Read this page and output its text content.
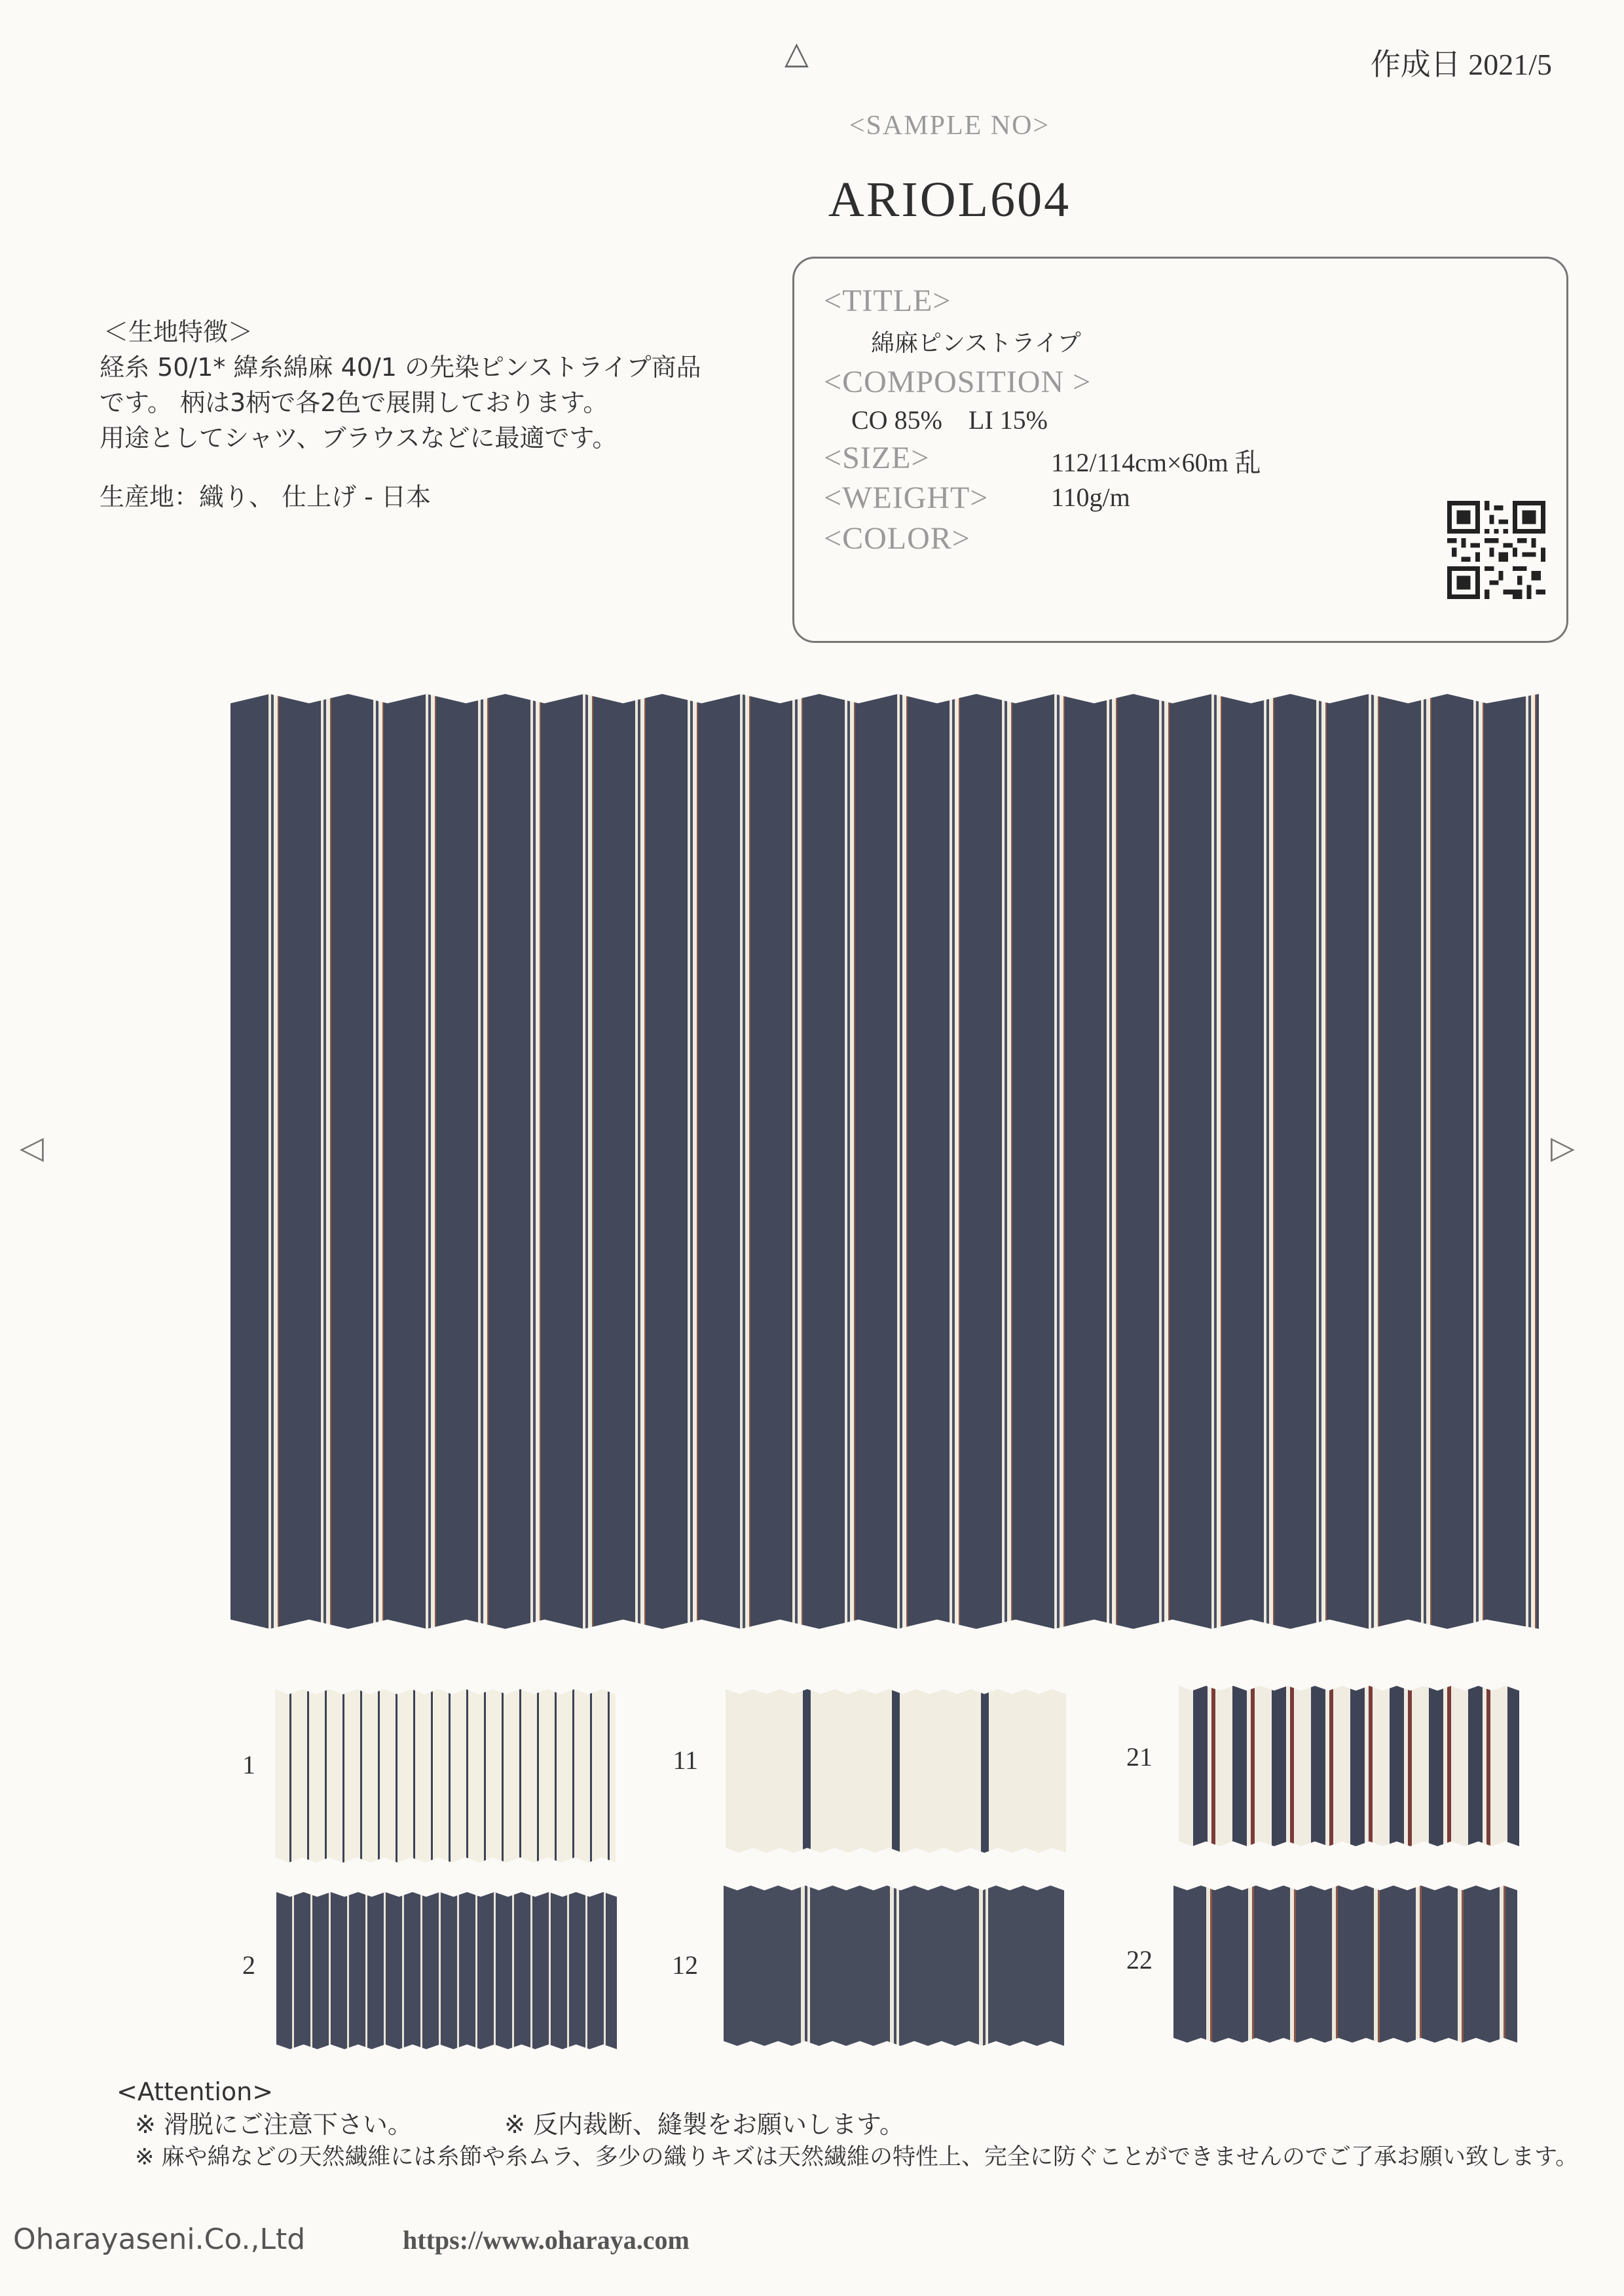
△	作成日 2021/5
<SAMPLE NO>
ARIOL604
＜生地特徴＞
経糸 50/1* 緯糸綿麻 40/1 の先染ピンストライプ商品
です。 柄は3柄で各2色で展開しております。
用途としてシャツ、ブラウスなどに最適です。
生産地：織り、 仕上げ - 日本
<TITLE>
綿麻ピンストライプ
<COMPOSITION >
CO 85%    LI 15%
<SIZE>	112/114cm×60m 乱
<WEIGHT> 110g/m
<COLOR>
◁	▷
1	11	21
2	12	22
<Attention>
※ 滑脱にご注意下さい。	※ 反内裁断、縫製をお願いします。
※ 麻や綿などの天然繊維には糸節や糸ムラ、多少の織りキズは天然繊維の特性上、完全に防ぐことができませんのでご了承お願い致します。
Oharayaseni.Co.,Ltd	https://www.oharaya.com
